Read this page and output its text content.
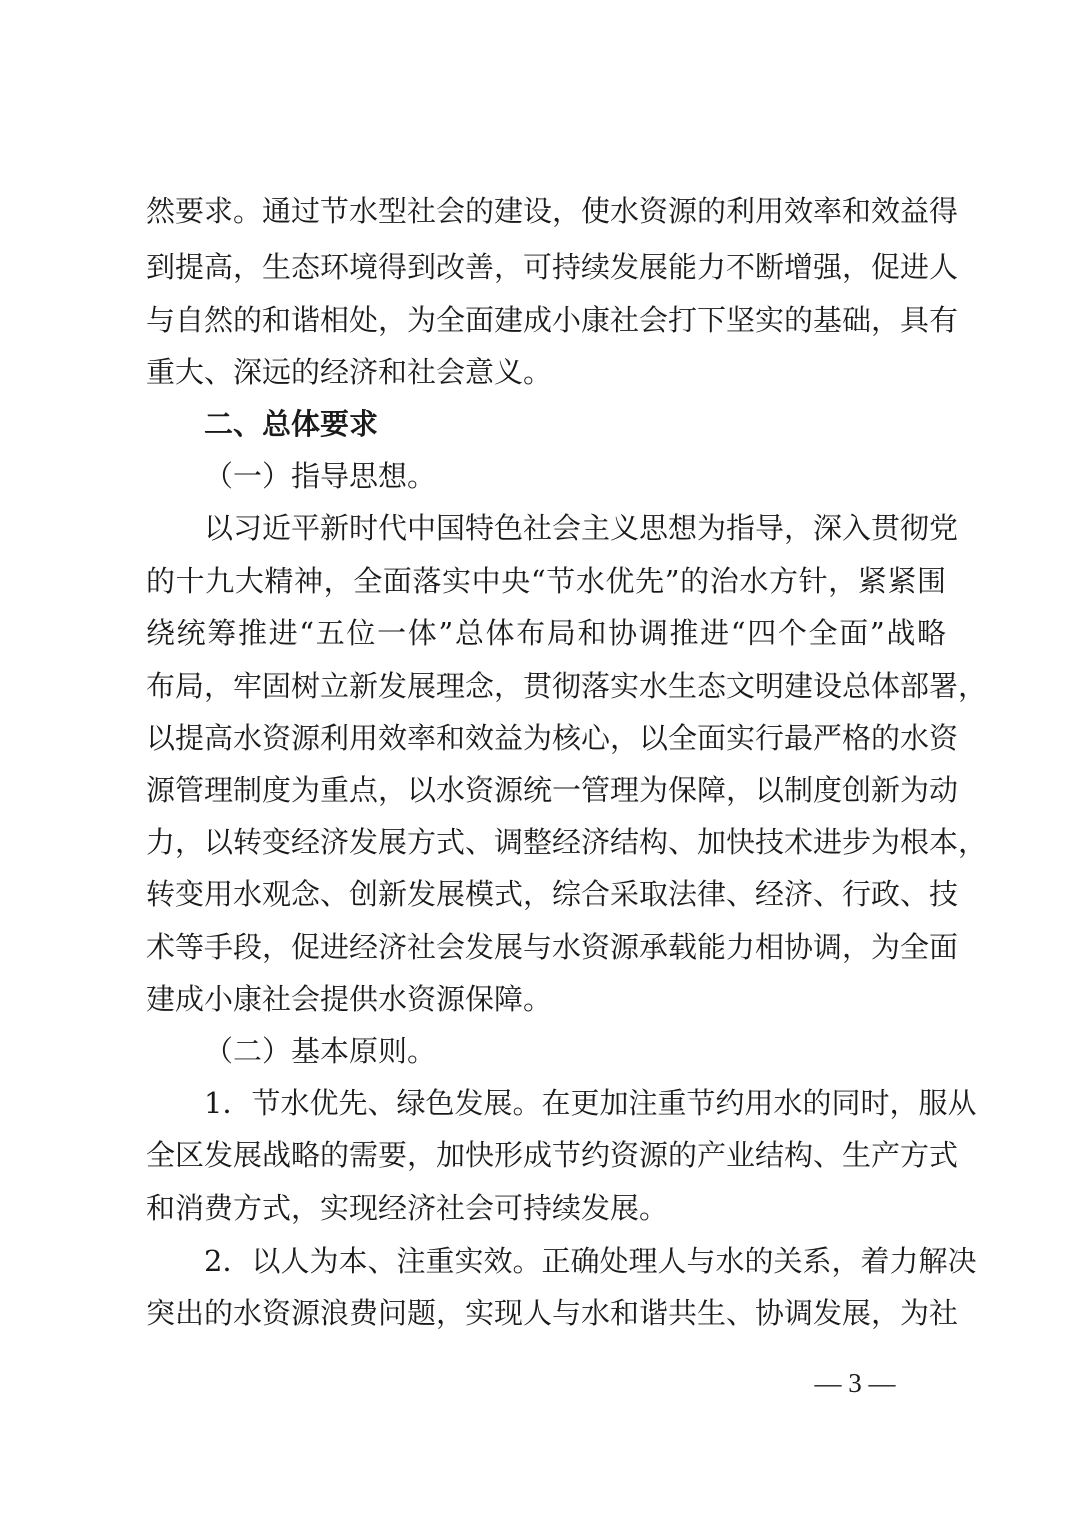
然要求。通过节水型社会的建设，使水资源的利用效率和效益得
到提高，生态环境得到改善，可持续发展能力不断增强，促进人
与自然的和谐相处，为全面建成小康社会打下坚实的基础，具有
重大、深远的经济和社会意义。
二、总体要求
（一）指导思想。
以习近平新时代中国特色社会主义思想为指导，深入贯彻党
的十九大精神，全面落实中央“节水优先”的治水方针，紧紧围
绕统筹推进“五位一体”总体布局和协调推进“四个全面”战略
布局，牢固树立新发展理念，贯彻落实水生态文明建设总体部署，
以提高水资源利用效率和效益为核心，以全面实行最严格的水资
源管理制度为重点，以水资源统一管理为保障，以制度创新为动
力，以转变经济发展方式、调整经济结构、加快技术进步为根本，
转变用水观念、创新发展模式，综合采取法律、经济、行政、技
术等手段，促进经济社会发展与水资源承载能力相协调，为全面
建成小康社会提供水资源保障。
（二）基本原则。
1．节水优先、绿色发展。在更加注重节约用水的同时，服从
全区发展战略的需要，加快形成节约资源的产业结构、生产方式
和消费方式，实现经济社会可持续发展。
2．以人为本、注重实效。正确处理人与水的关系，着力解决
突出的水资源浪费问题，实现人与水和谐共生、协调发展，为社
— 3 —
